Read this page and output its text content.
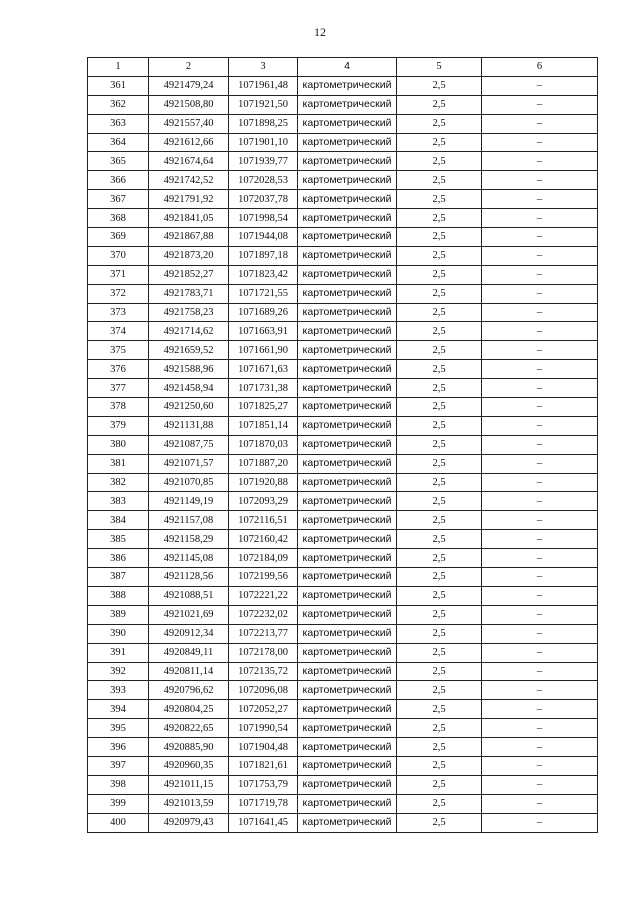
12
1	2	3	4	5	6
361	4921479,24	1071961,48	картометрический	2,5	–
362	4921508,80	1071921,50	картометрический	2,5	–
363	4921557,40	1071898,25	картометрический	2,5	–
364	4921612,66	1071901,10	картометрический	2,5	–
365	4921674,64	1071939,77	картометрический	2,5	–
366	4921742,52	1072028,53	картометрический	2,5	–
367	4921791,92	1072037,78	картометрический	2,5	–
368	4921841,05	1071998,54	картометрический	2,5	–
369	4921867,88	1071944,08	картометрический	2,5	–
370	4921873,20	1071897,18	картометрический	2,5	–
371	4921852,27	1071823,42	картометрический	2,5	–
372	4921783,71	1071721,55	картометрический	2,5	–
373	4921758,23	1071689,26	картометрический	2,5	–
374	4921714,62	1071663,91	картометрический	2,5	–
375	4921659,52	1071661,90	картометрический	2,5	–
376	4921588,96	1071671,63	картометрический	2,5	–
377	4921458,94	1071731,38	картометрический	2,5	–
378	4921250,60	1071825,27	картометрический	2,5	–
379	4921131,88	1071851,14	картометрический	2,5	–
380	4921087,75	1071870,03	картометрический	2,5	–
381	4921071,57	1071887,20	картометрический	2,5	–
382	4921070,85	1071920,88	картометрический	2,5	–
383	4921149,19	1072093,29	картометрический	2,5	–
384	4921157,08	1072116,51	картометрический	2,5	–
385	4921158,29	1072160,42	картометрический	2,5	–
386	4921145,08	1072184,09	картометрический	2,5	–
387	4921128,56	1072199,56	картометрический	2,5	–
388	4921088,51	1072221,22	картометрический	2,5	–
389	4921021,69	1072232,02	картометрический	2,5	–
390	4920912,34	1072213,77	картометрический	2,5	–
391	4920849,11	1072178,00	картометрический	2,5	–
392	4920811,14	1072135,72	картометрический	2,5	–
393	4920796,62	1072096,08	картометрический	2,5	–
394	4920804,25	1072052,27	картометрический	2,5	–
395	4920822,65	1071990,54	картометрический	2,5	–
396	4920885,90	1071904,48	картометрический	2,5	–
397	4920960,35	1071821,61	картометрический	2,5	–
398	4921011,15	1071753,79	картометрический	2,5	–
399	4921013,59	1071719,78	картометрический	2,5	–
400	4920979,43	1071641,45	картометрический	2,5	–
